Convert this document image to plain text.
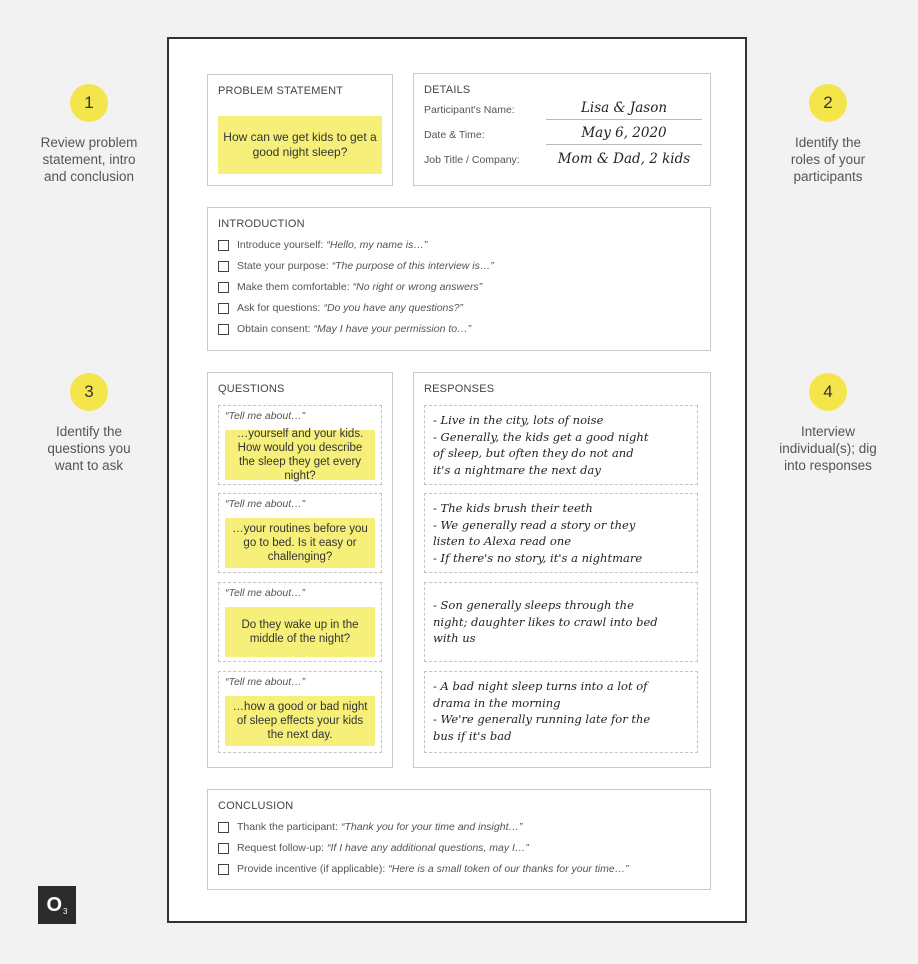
1
Review problem
statement, intro
and conclusion
2
Identify the
roles of your
participants
3
Identify the
questions you
want to ask
4
Interview
individual(s); dig
into responses
PROBLEM STATEMENT
How can we get kids to get a good night sleep?
DETAILS
Participant's Name:	Lisa & Jason
Date & Time:	May 6, 2020
Job Title / Company:	Mom & Dad, 2 kids
INTRODUCTION
Introduce yourself: “Hello, my name is…”
State your purpose: “The purpose of this interview is…”
Make them comfortable: “No right or wrong answers”
Ask for questions: “Do you have any questions?”
Obtain consent: “May I have your permission to…”
QUESTIONS
“Tell me about…”
…yourself and your kids. How would you describe the sleep they get every night?
“Tell me about…”
…your routines before you go to bed. Is it easy or challenging?
“Tell me about…”
Do they wake up in the middle of the night?
“Tell me about…”
…how a good or bad night of sleep effects your kids the next day.
RESPONSES
- Live in the city, lots of noise
- Generally, the kids get a good night
of sleep, but often they do not and
it's a nightmare the next day
- The kids brush their teeth
- We generally read a story or they
listen to Alexa read one
- If there's no story, it's a nightmare
- Son generally sleeps through the
night; daughter likes to crawl into bed
with us
- A bad night sleep turns into a lot of
drama in the morning
- We're generally running late for the
bus if it's bad
CONCLUSION
Thank the participant: “Thank you for your time and insight…”
Request follow-up: “If I have any additional questions, may I…”
Provide incentive (if applicable): “Here is a small token of our thanks for your time…”
$O_3$
